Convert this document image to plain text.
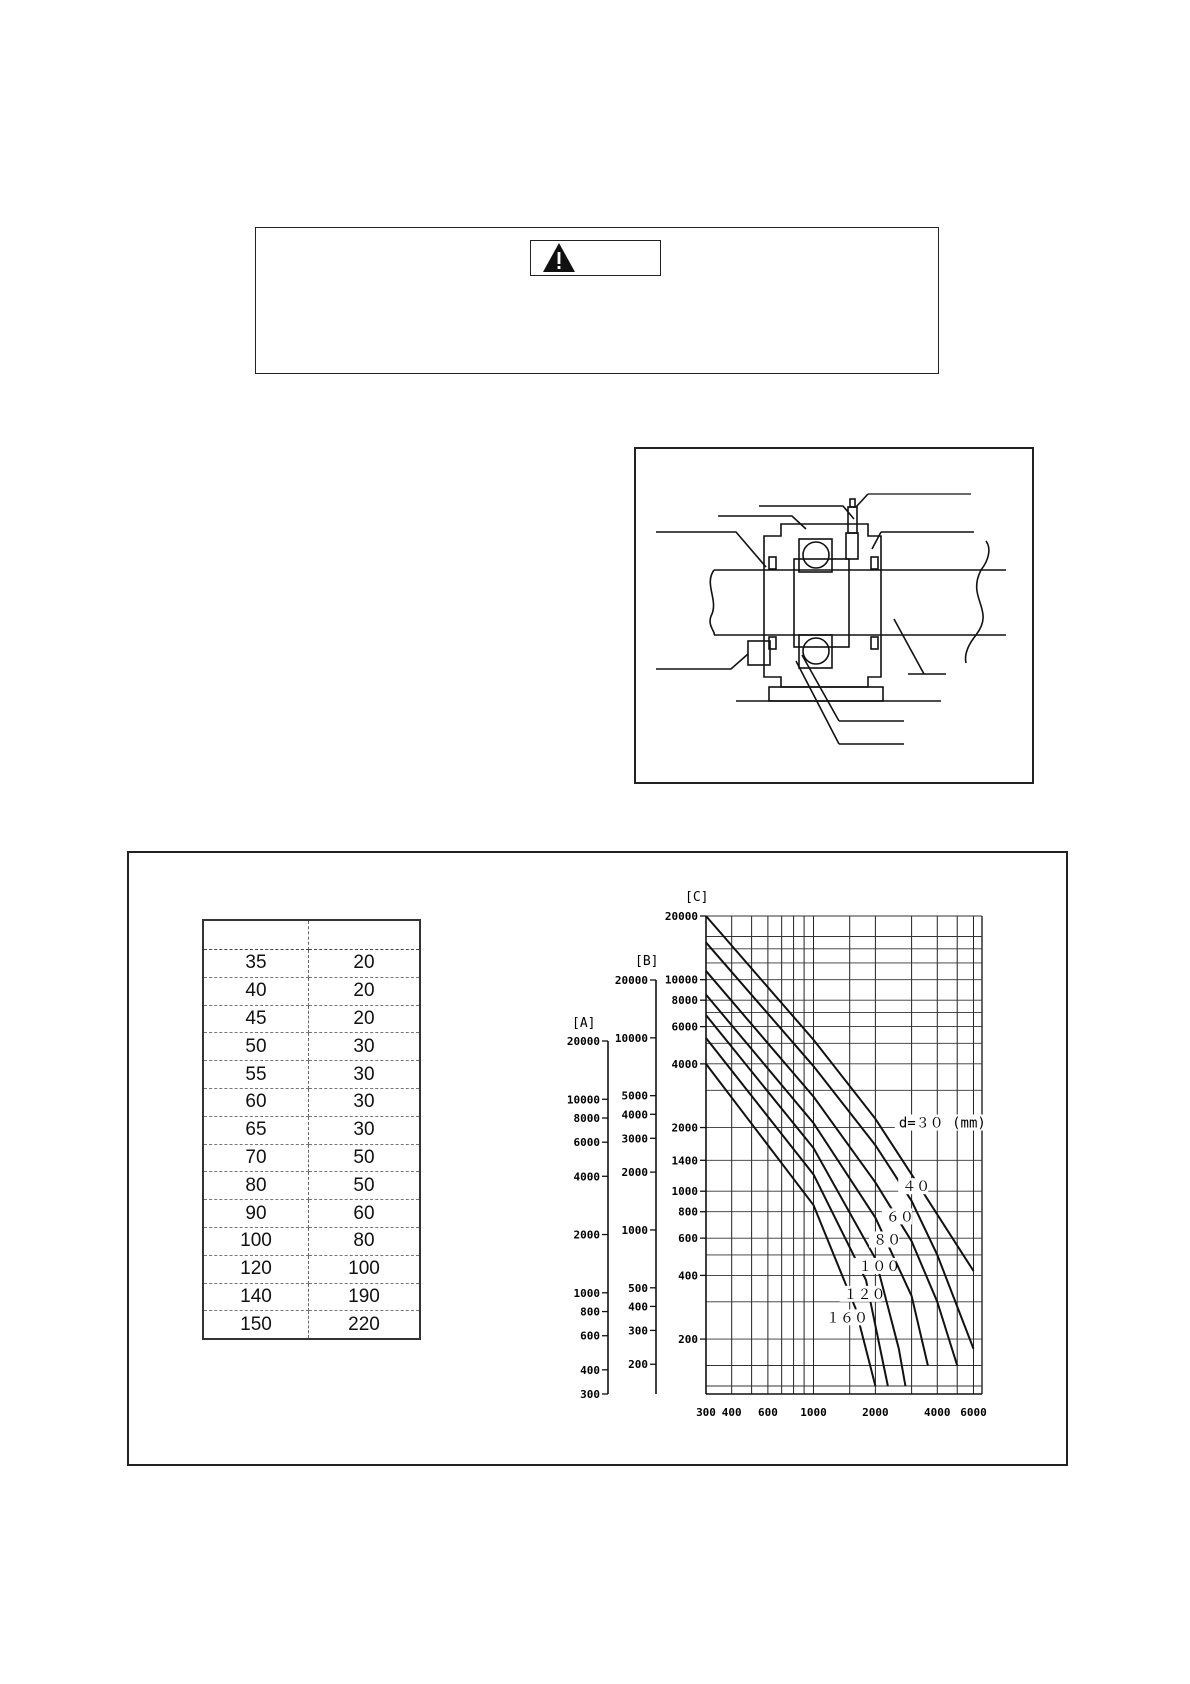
35	20
40	20
45	20
50	30
55	30
60	30
65	30
70	50
80	50
90	60
100	80
120	100
140	190
150	220
20000
10000
8000
6000
4000
2000
1400
1000
800
600
400
200
[C]
20000
10000
5000
4000
3000
2000
1000
500
400
300
200
[B]
20000
10000
8000
6000
4000
2000
1000
800
600
400
300
[A]
300 400 600 1000	2000	4000 6000
d=３０ (mm)
４０
６０
８０
１００
１２０
１６０
